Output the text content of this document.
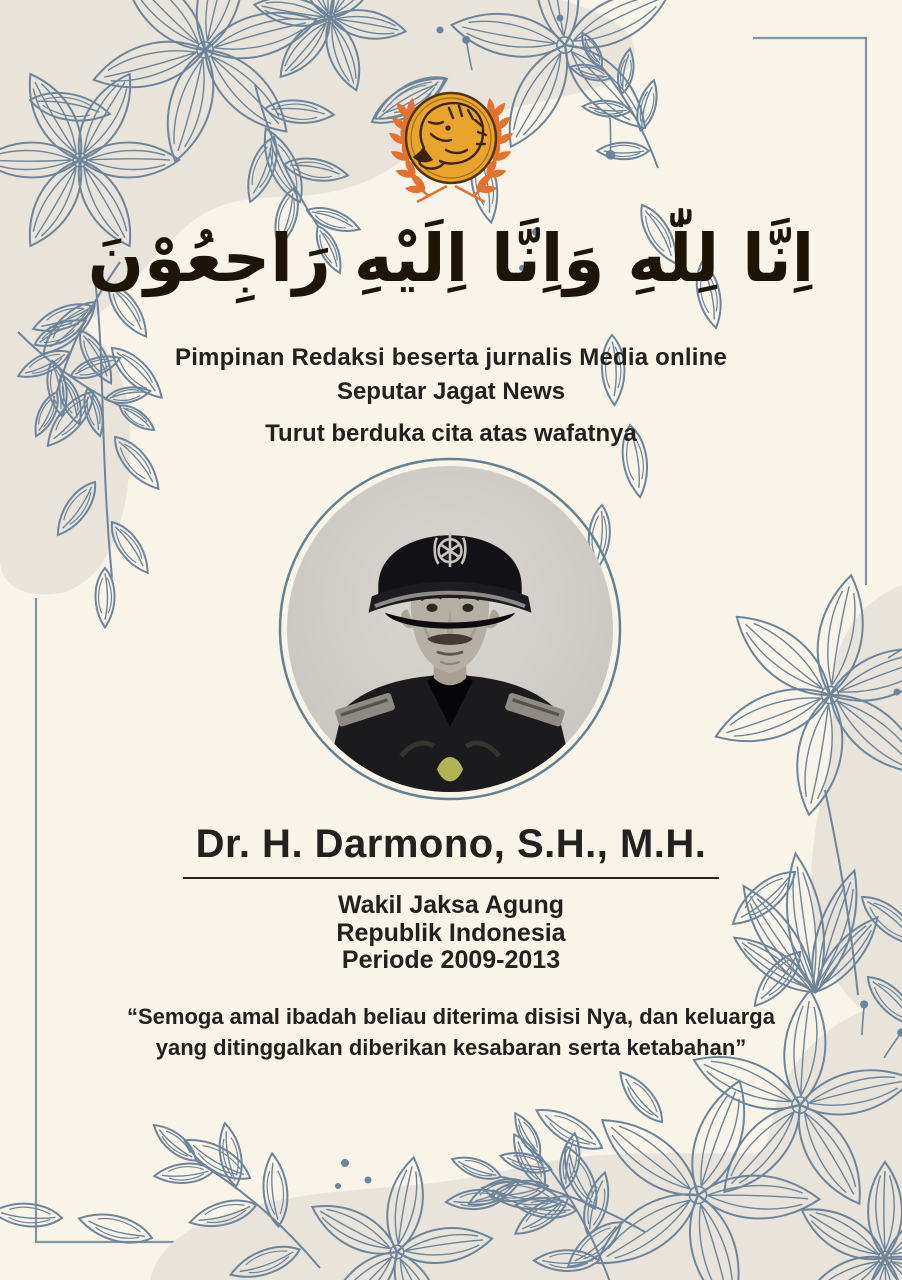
اِنَّا لِلّٰهِ وَاِنَّا اِلَيْهِ رَاجِعُوْنَ
Pimpinan Redaksi beserta jurnalis Media online
Seputar Jagat News
Turut berduka cita atas wafatnya
Dr. H. Darmono, S.H., M.H.
Wakil Jaksa Agung
Republik Indonesia
Periode 2009-2013
“Semoga amal ibadah beliau diterima disisi Nya, dan keluarga
yang ditinggalkan diberikan kesabaran serta ketabahan”
